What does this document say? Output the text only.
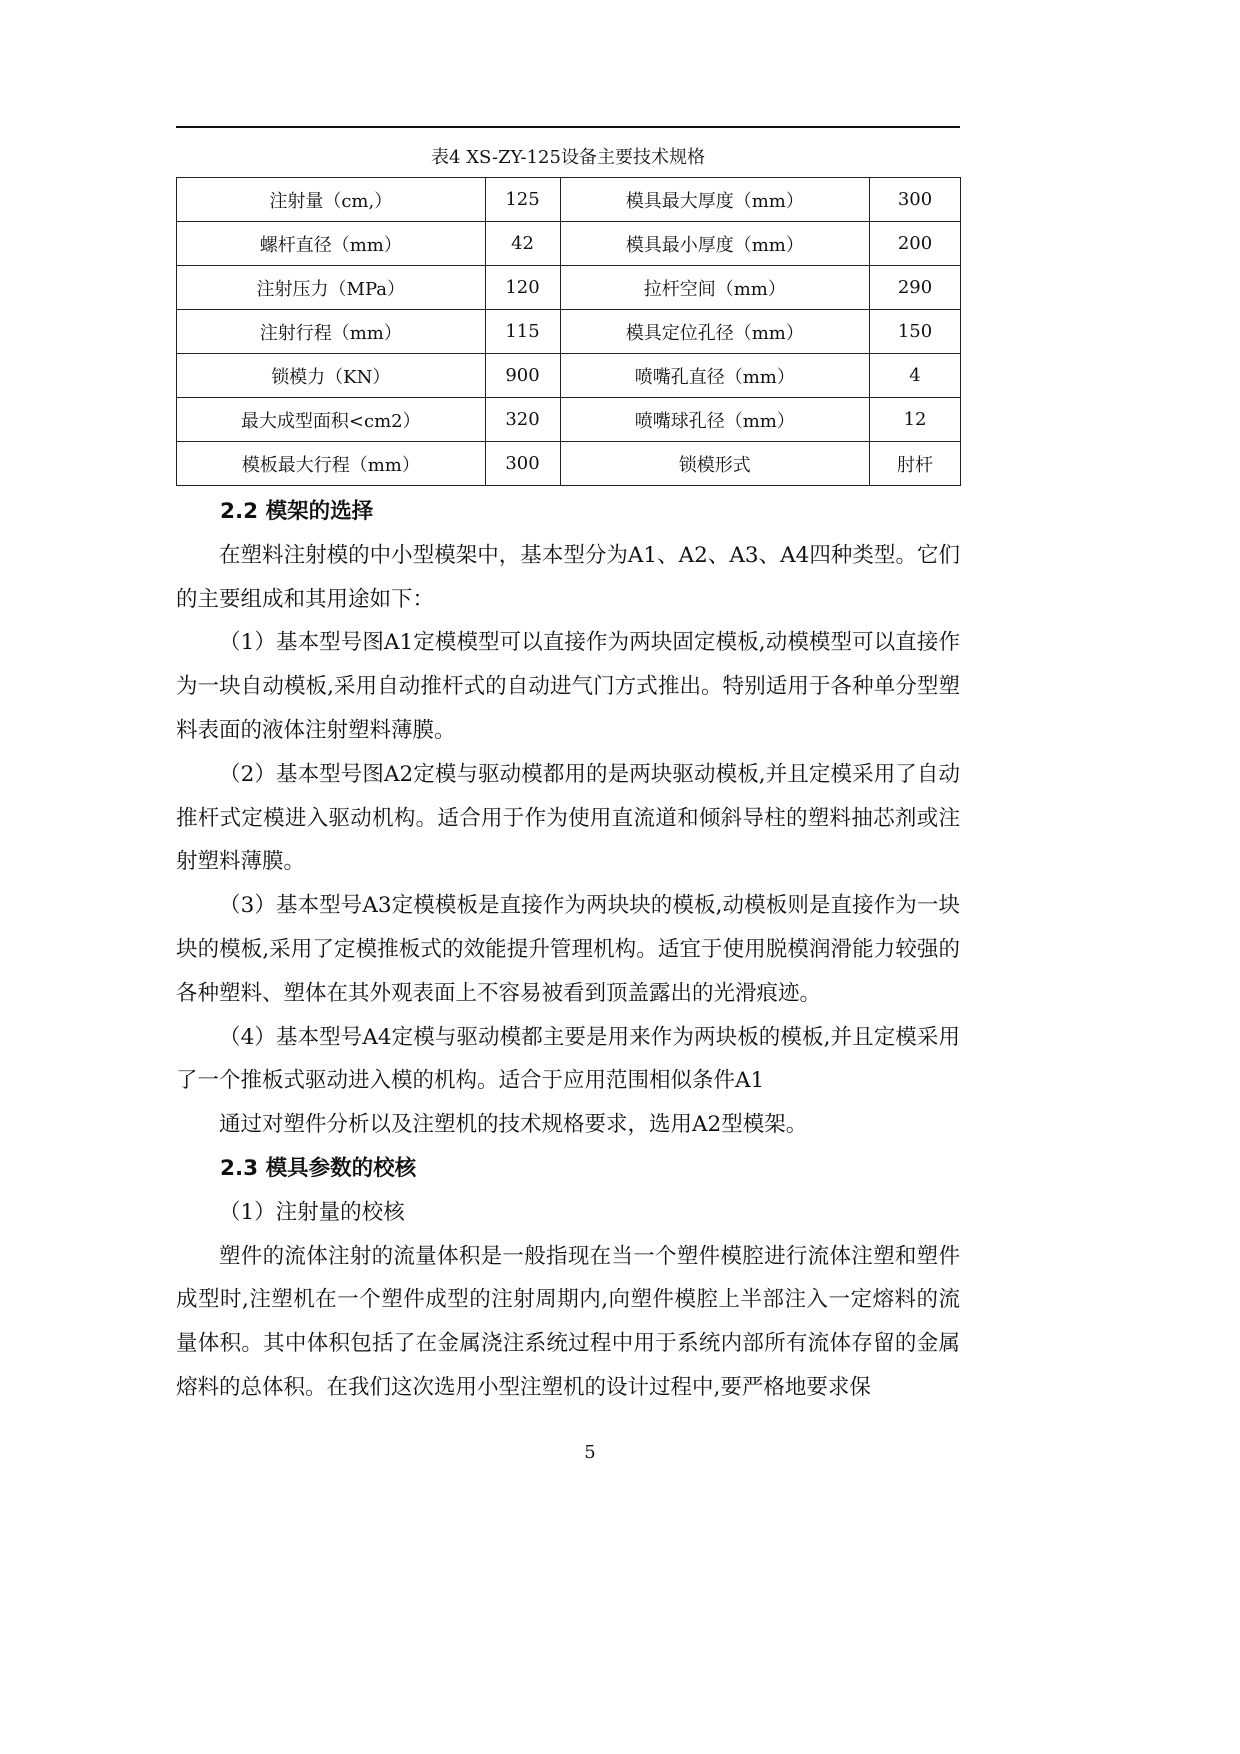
表4 XS-ZY-125设备主要技术规格
注射量（cm,）	125	模具最大厚度（mm）	300
螺杆直径（mm）	42	模具最小厚度（mm）	200
注射压力（MPa）	120	拉杆空间（mm）	290
注射行程（mm）	115	模具定位孔径（mm）	150
锁模力（KN）	900	喷嘴孔直径（mm）	4
最大成型面积<cm2）	320	喷嘴球孔径（mm）	12
模板最大行程（mm）	300	锁模形式	肘杆
2.2 模架的选择

在塑料注射模的中小型模架中，基本型分为A1、A2、A3、A4四种类型。它们的主要组成和其用途如下：

（1）基本型号图A1定模模型可以直接作为两块固定模板,动模模型可以直接作为一块自动模板,采用自动推杆式的自动进气门方式推出。特别适用于各种单分型塑料表面的液体注射塑料薄膜。

（2）基本型号图A2定模与驱动模都用的是两块驱动模板,并且定模采用了自动推杆式定模进入驱动机构。适合用于作为使用直流道和倾斜导柱的塑料抽芯剂或注射塑料薄膜。

（3）基本型号A3定模模板是直接作为两块块的模板,动模板则是直接作为一块块的模板,采用了定模推板式的效能提升管理机构。适宜于使用脱模润滑能力较强的各种塑料、塑体在其外观表面上不容易被看到顶盖露出的光滑痕迹。

（4）基本型号A4定模与驱动模都主要是用来作为两块板的模板,并且定模采用了一个推板式驱动进入模的机构。适合于应用范围相似条件A1

通过对塑件分析以及注塑机的技术规格要求，选用A2型模架。

2.3 模具参数的校核

（1）注射量的校核

塑件的流体注射的流量体积是一般指现在当一个塑件模腔进行流体注塑和塑件成型时,注塑机在一个塑件成型的注射周期内,向塑件模腔上半部注入一定熔料的流量体积。其中体积包括了在金属浇注系统过程中用于系统内部所有流体存留的金属熔料的总体积。在我们这次选用小型注塑机的设计过程中,要严格地要求保

5
